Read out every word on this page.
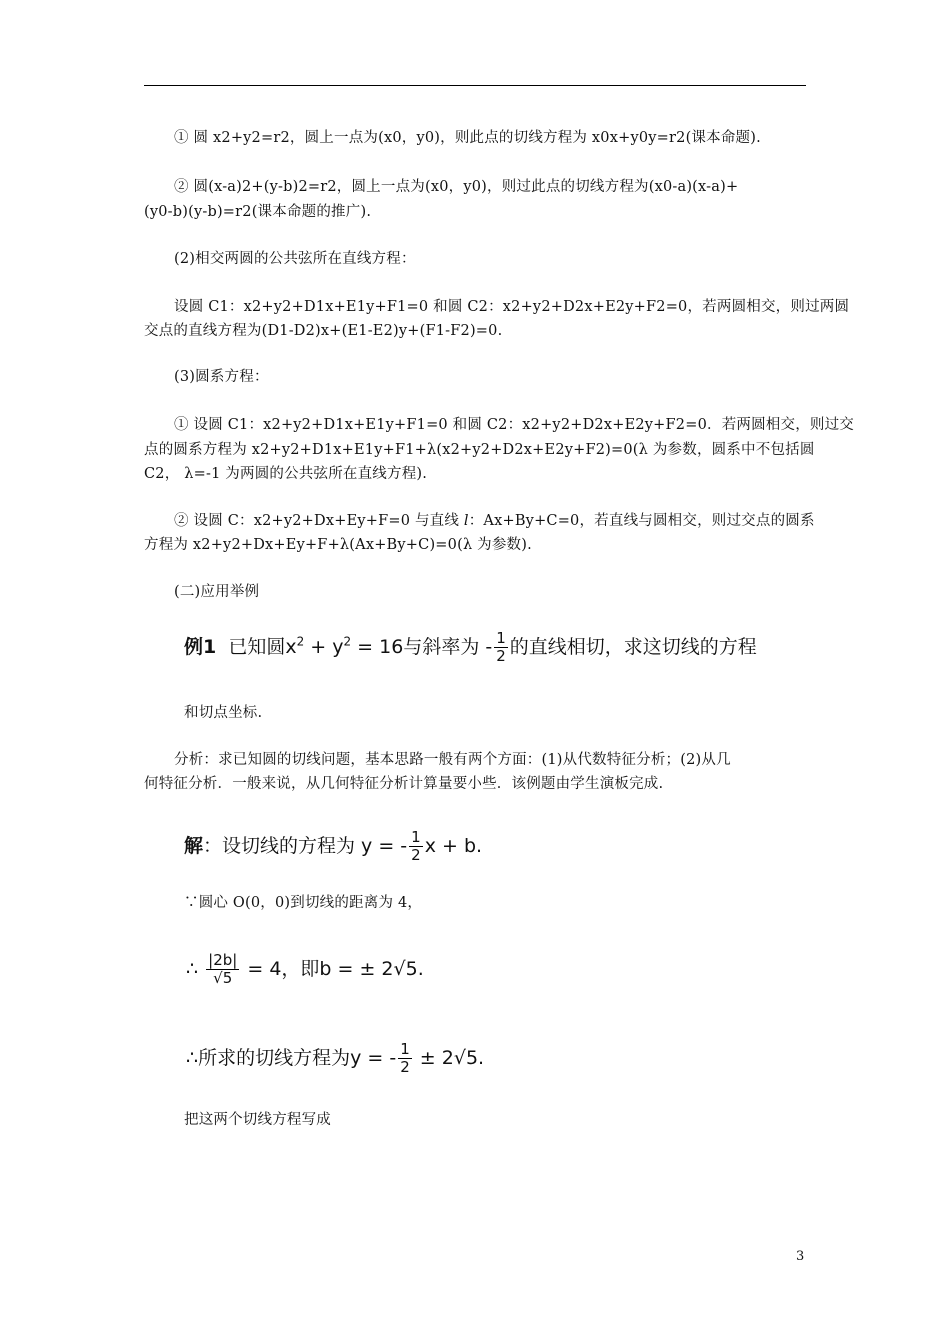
① 圆 x2+y2=r2，圆上一点为(x0，y0)，则此点的切线方程为 x0x+y0y=r2(课本命题).
② 圆(x-a)2+(y-b)2=r2，圆上一点为(x0，y0)，则过此点的切线方程为(x0-a)(x-a)+
(y0-b)(y-b)=r2(课本命题的推广).
(2)相交两圆的公共弦所在直线方程：
设圆 C1：x2+y2+D1x+E1y+F1=0 和圆 C2：x2+y2+D2x+E2y+F2=0，若两圆相交，则过两圆
交点的直线方程为(D1-D2)x+(E1-E2)y+(F1-F2)=0.
(3)圆系方程：
① 设圆 C1：x2+y2+D1x+E1y+F1=0 和圆 C2：x2+y2+D2x+E2y+F2=0．若两圆相交，则过交
点的圆系方程为 x2+y2+D1x+E1y+F1+λ(x2+y2+D2x+E2y+F2)=0(λ 为参数，圆系中不包括圆
C2， λ=-1 为两圆的公共弦所在直线方程).
② 设圆 C：x2+y2+Dx+Ey+F=0 与直线 l：Ax+By+C=0，若直线与圆相交，则过交点的圆系
方程为 x2+y2+Dx+Ey+F+λ(Ax+By+C)=0(λ 为参数).
(二)应用举例
例1 已知圆$x^2 + y^2 = 16$与斜率为 - $\frac{1}{2}$ 的直线相切，求这切线的方程
和切点坐标.
分析：求已知圆的切线问题，基本思路一般有两个方面：(1)从代数特征分析；(2)从几
何特征分析．一般来说，从几何特征分析计算量要小些．该例题由学生演板完成.
解：设切线的方程为 y = - $\frac{1}{2}$ x + b.
∵圆心 O(0，0)到切线的距离为 4，
∴ $\frac{|2b|}{√5} = 4$，即b = ± 2√5.
∴所求的切线方程为y = - $\frac{1}{2} \pm 2√5$.
把这两个切线方程写成
3
